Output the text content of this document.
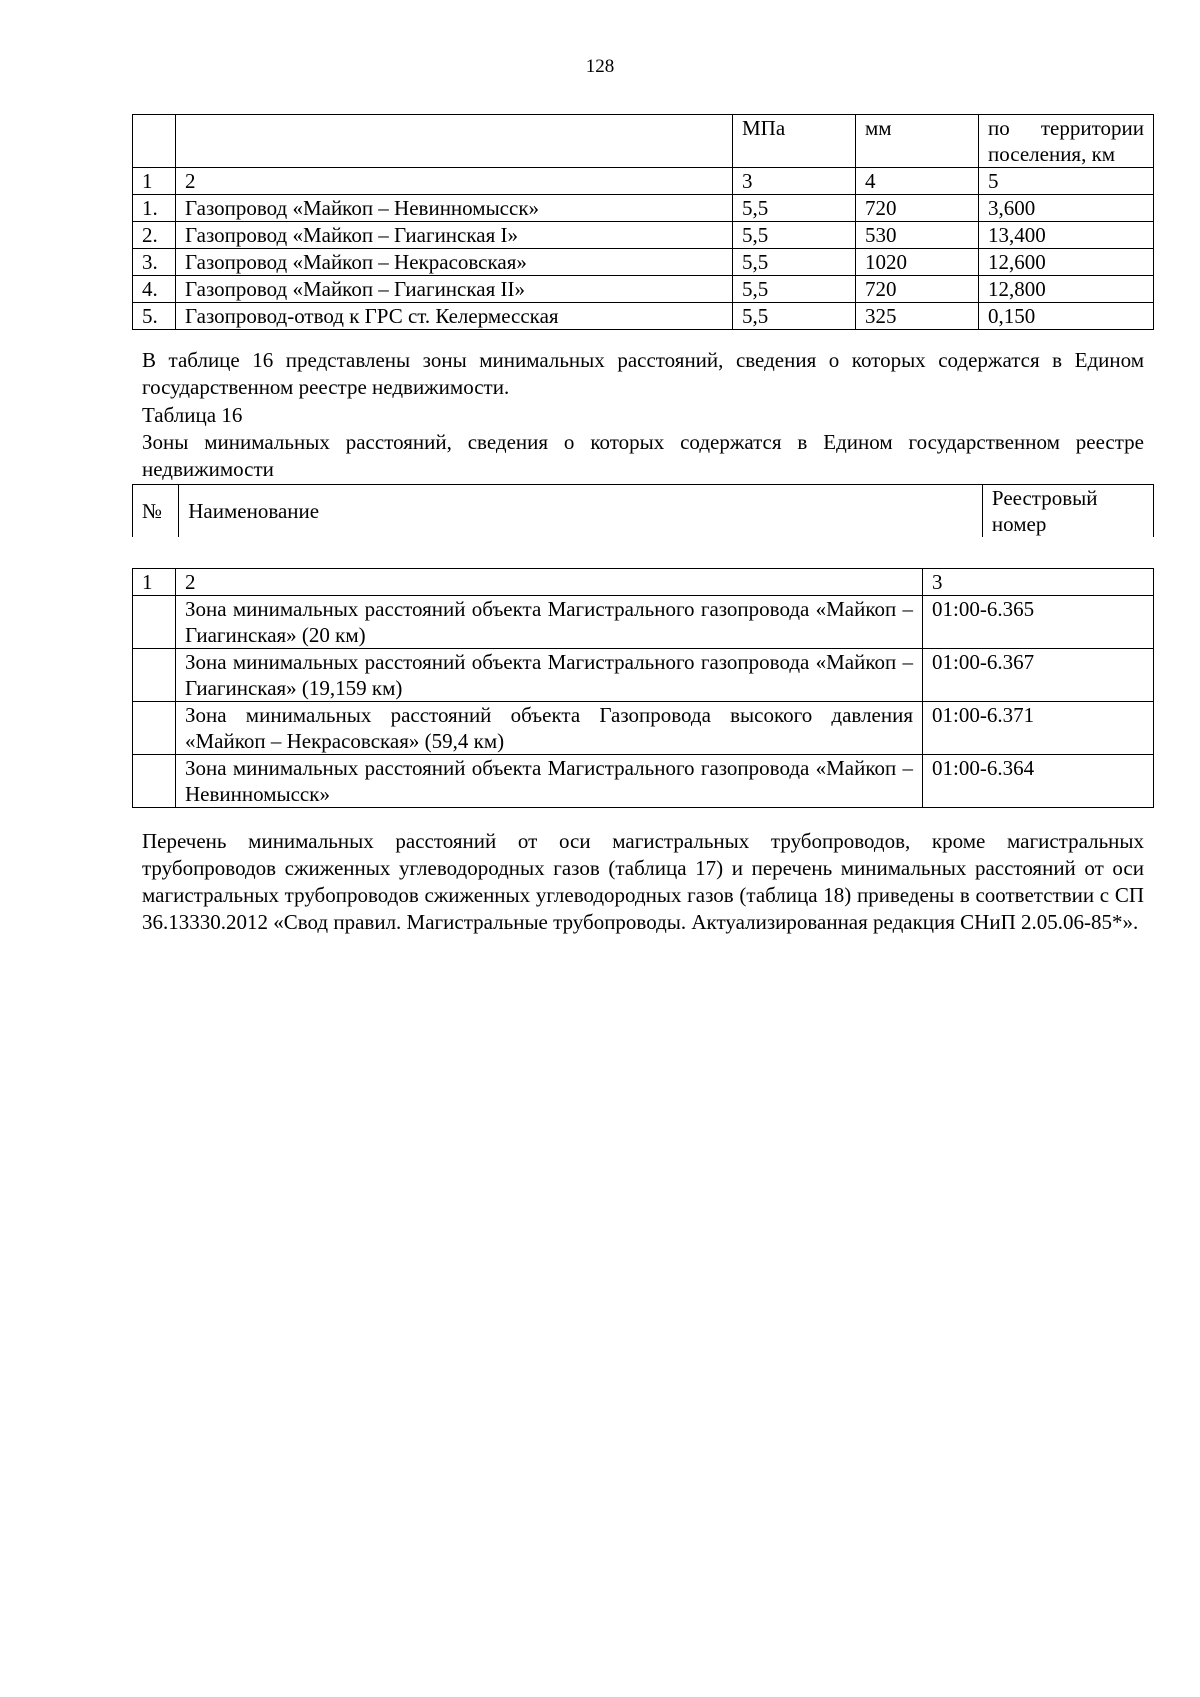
128
		МПа	мм	по территории поселения, км
1	2	3	4	5
1.	Газопровод «Майкоп – Невинномысск»	5,5	720	3,600
2.	Газопровод «Майкоп – Гиагинская I»	5,5	530	13,400
3.	Газопровод «Майкоп – Некрасовская»	5,5	1020	12,600
4.	Газопровод «Майкоп – Гиагинская II»	5,5	720	12,800
5.	Газопровод-отвод к ГРС ст. Келермесская	5,5	325	0,150
В таблице 16 представлены зоны минимальных расстояний, сведения о которых содержатся в Едином государственном реестре недвижимости.
Таблица 16
Зоны минимальных расстояний, сведения о которых содержатся в Едином государственном реестре недвижимости
№	Наименование	Реестровый номер
1	2	3
	Зона минимальных расстояний объекта Магистрального газопровода «Майкоп – Гиагинская» (20 км)	01:00-6.365
	Зона минимальных расстояний объекта Магистрального газопровода «Майкоп – Гиагинская» (19,159 км)	01:00-6.367
	Зона минимальных расстояний объекта Газопровода высокого давления «Майкоп – Некрасовская» (59,4 км)	01:00-6.371
	Зона минимальных расстояний объекта Магистрального газопровода «Майкоп – Невинномысск»	01:00-6.364
Перечень минимальных расстояний от оси магистральных трубопроводов, кроме магистральных трубопроводов сжиженных углеводородных газов (таблица 17) и перечень минимальных расстояний от оси магистральных трубопроводов сжиженных углеводородных газов (таблица 18) приведены в соответствии с СП 36.13330.2012 «Свод правил. Магистральные трубопроводы. Актуализированная редакция СНиП 2.05.06-85*».
